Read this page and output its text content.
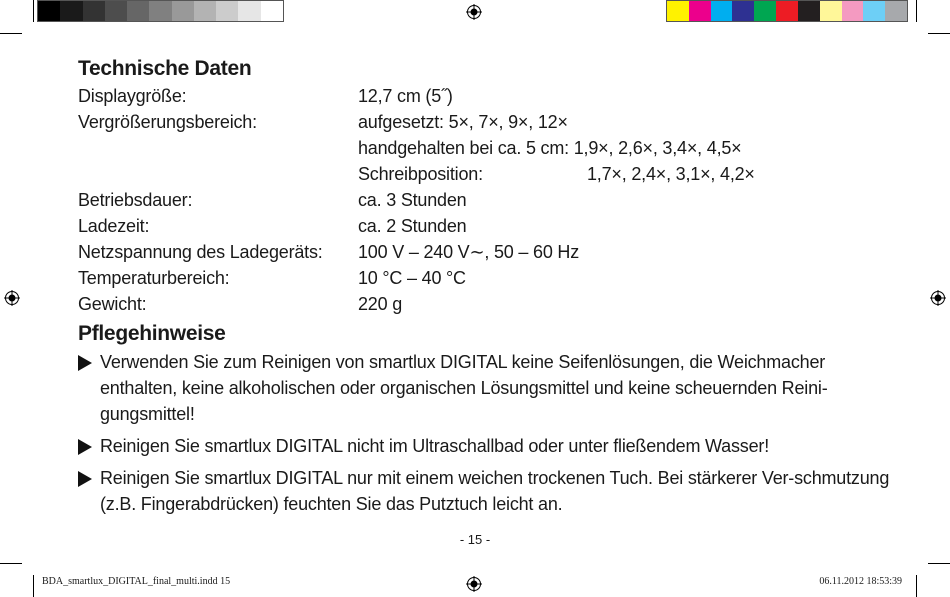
Technische Daten
Displaygröße:	12,7 cm (5˝)
Vergrößerungsbereich:	aufgesetzt: 5×, 7×, 9×, 12×
handgehalten bei ca. 5 cm: 1,9×, 2,6×, 3,4×, 4,5×
Schreibposition:	1,7×, 2,4×, 3,1×, 4,2×
Betriebsdauer:	ca. 3 Stunden
Ladezeit:	ca. 2 Stunden
Netzspannung des Ladegeräts:	100 V – 240 V∼, 50 – 60 Hz
Temperaturbereich:	10 °C – 40 °C
Gewicht:	220 g
Pflegehinweise
Verwenden Sie zum Reinigen von smartlux DIGITAL keine Seifenlösungen, die Weichmacher enthalten, keine alkoholischen oder organischen Lösungsmittel und keine scheuernden Reini-gungsmittel!
Reinigen Sie smartlux DIGITAL nicht im Ultraschallbad oder unter fließendem Wasser!
Reinigen Sie smartlux DIGITAL nur mit einem weichen trockenen Tuch. Bei stärkerer Ver-schmutzung (z.B. Fingerabdrücken) feuchten Sie das Putztuch leicht an.
- 15 -
BDA_smartlux_DIGITAL_final_multi.indd 15	06.11.2012 18:53:39
